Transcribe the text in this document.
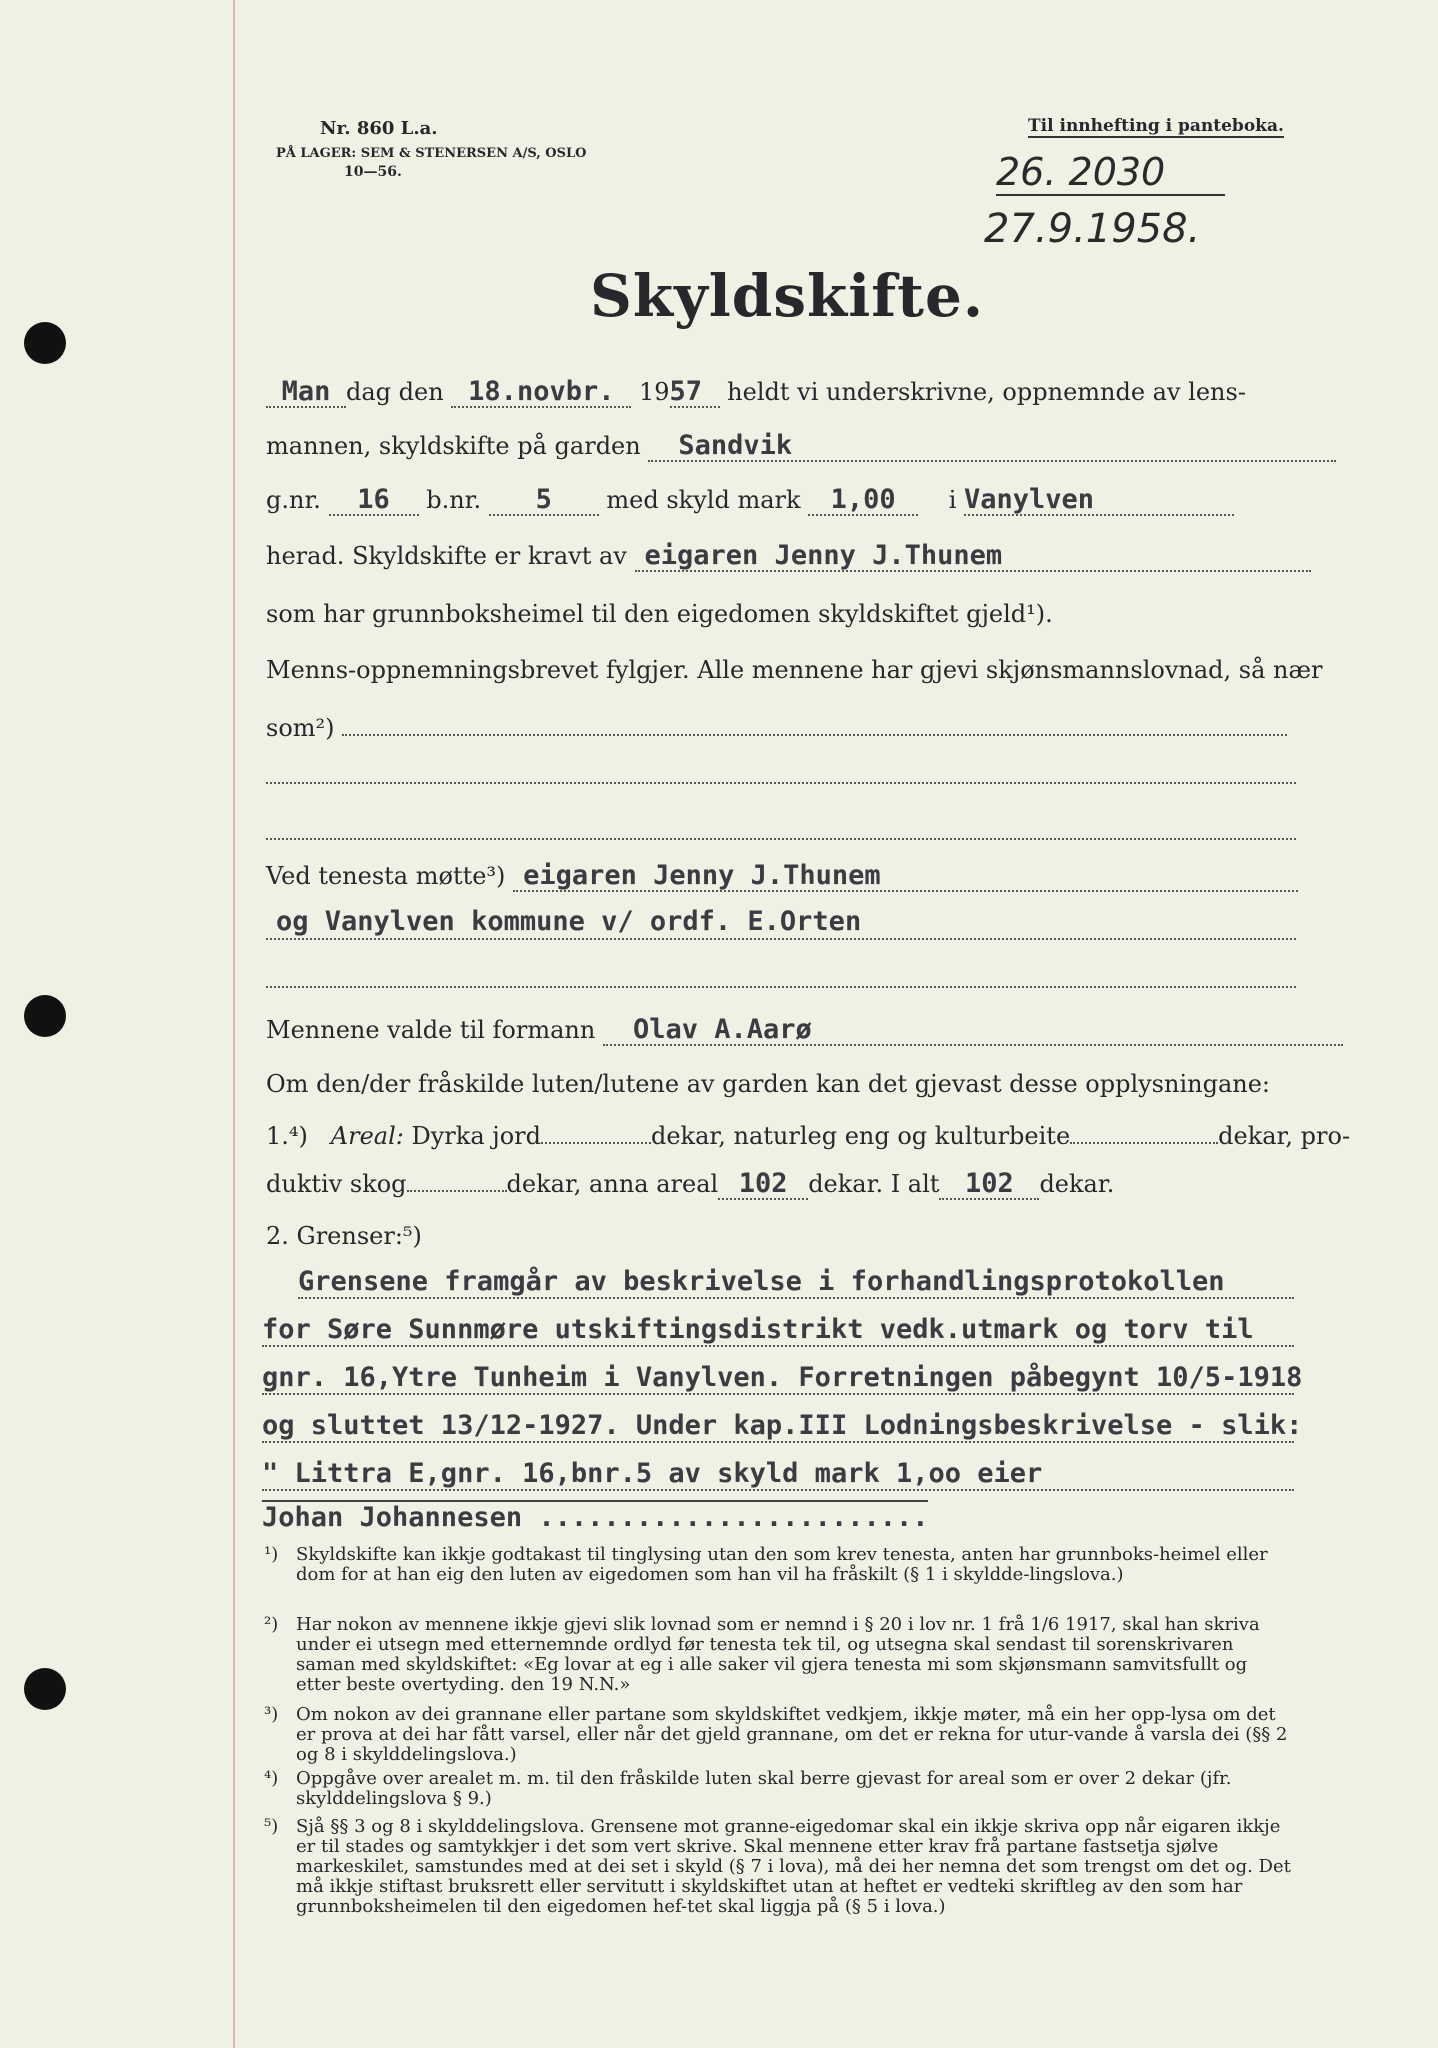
Nr. 860 L.a.
PÅ LAGER: SEM & STENERSEN A/S, OSLO
10—56.
Til innhefting i panteboka.
26. 2030
27.9.1958.
Skyldskifte.
Man dag den 18.novbr. 1957 heldt vi underskrivne, oppnemnde av lens-
mannen, skyldskifte på garden Sandvik
g.nr. 16 b.nr. 5 med skyld mark 1,00 i Vanylven
herad. Skyldskifte er kravt av eigaren Jenny J.Thunem
som har grunnboksheimel til den eigedomen skyldskiftet gjeld¹).
Menns-oppnemningsbrevet fylgjer. Alle mennene har gjevi skjønsmannslovnad, så nær
som²)
Ved tenesta møtte³) eigaren Jenny J.Thunem
og Vanylven kommune v/ ordf. E.Orten
Mennene valde til formann Olav A.Aarø
Om den/der fråskilde luten/lutene av garden kan det gjevast desse opplysningane:
1.⁴) Areal: Dyrka jord	dekar, naturleg eng og kulturbeite	dekar, pro-
duktiv skog	dekar, anna areal 102 dekar. I alt 102 dekar.
2. Grenser:⁵)
Grensene framgår av beskrivelse i forhandlingsprotokollen
for Søre Sunnmøre utskiftingsdistrikt vedk.utmark og torv til
gnr. 16,Ytre Tunheim i Vanylven. Forretningen påbegynt 10/5-1918
og sluttet 13/12-1927. Under kap.III Lodningsbeskrivelse - slik:
" Littra E,gnr. 16,bnr.5 av skyld mark 1,oo eier
Johan Johannesen ........................
¹) Skyldskifte kan ikkje godtakast til tinglysing utan den som krev tenesta, anten har grunnboks-heimel eller dom for at han eig den luten av eigedomen som han vil ha fråskilt (§ 1 i skyldde-lingslova.)
²) Har nokon av mennene ikkje gjevi slik lovnad som er nemnd i § 20 i lov nr. 1 frå 1/6 1917, skal han skriva under ei utsegn med etternemnde ordlyd før tenesta tek til, og utsegna skal sendast til sorenskrivaren saman med skyldskiftet: «Eg lovar at eg i alle saker vil gjera tenesta mi som skjønsmann samvitsfullt og etter beste overtyding. den 19 N.N.»
³) Om nokon av dei grannane eller partane som skyldskiftet vedkjem, ikkje møter, må ein her opp-lysa om det er prova at dei har fått varsel, eller når det gjeld grannane, om det er rekna for utur-vande å varsla dei (§§ 2 og 8 i skylddelingslova.)
⁴) Oppgåve over arealet m. m. til den fråskilde luten skal berre gjevast for areal som er over 2 dekar (jfr. skylddelingslova § 9.)
⁵) Sjå §§ 3 og 8 i skylddelingslova. Grensene mot granne-eigedomar skal ein ikkje skriva opp når eigaren ikkje er til stades og samtykkjer i det som vert skrive. Skal mennene etter krav frå partane fastsetja sjølve markeskilet, samstundes med at dei set i skyld (§ 7 i lova), må dei her nemna det som trengst om det og. Det må ikkje stiftast bruksrett eller servitutt i skyldskiftet utan at heftet er vedteki skriftleg av den som har grunnboksheimelen til den eigedomen hef-tet skal liggja på (§ 5 i lova.)
